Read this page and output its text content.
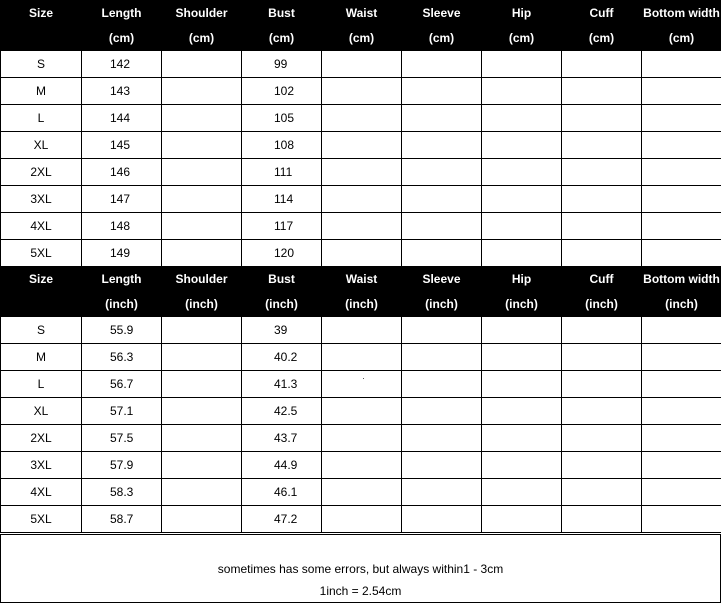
Size	Length	Shoulder	Bust	Waist	Sleeve	Hip	Cuff	Bottom width
	(cm)	(cm)	(cm)	(cm)	(cm)	(cm)	(cm)	(cm)
S	142		99					
M	143		102					
L	144		105					
XL	145		108					
2XL	146		111					
3XL	147		114					
4XL	148		117					
5XL	149		120					
Size	Length	Shoulder	Bust	Waist	Sleeve	Hip	Cuff	Bottom width
	(inch)	(inch)	(inch)	(inch)	(inch)	(inch)	(inch)	(inch)
S	55.9		39					
M	56.3		40.2					
L	56.7		41.3					
XL	57.1		42.5					
2XL	57.5		43.7					
3XL	57.9		44.9					
4XL	58.3		46.1					
5XL	58.7		47.2					
sometimes has some errors, but always within1 - 3cm
1inch = 2.54cm
